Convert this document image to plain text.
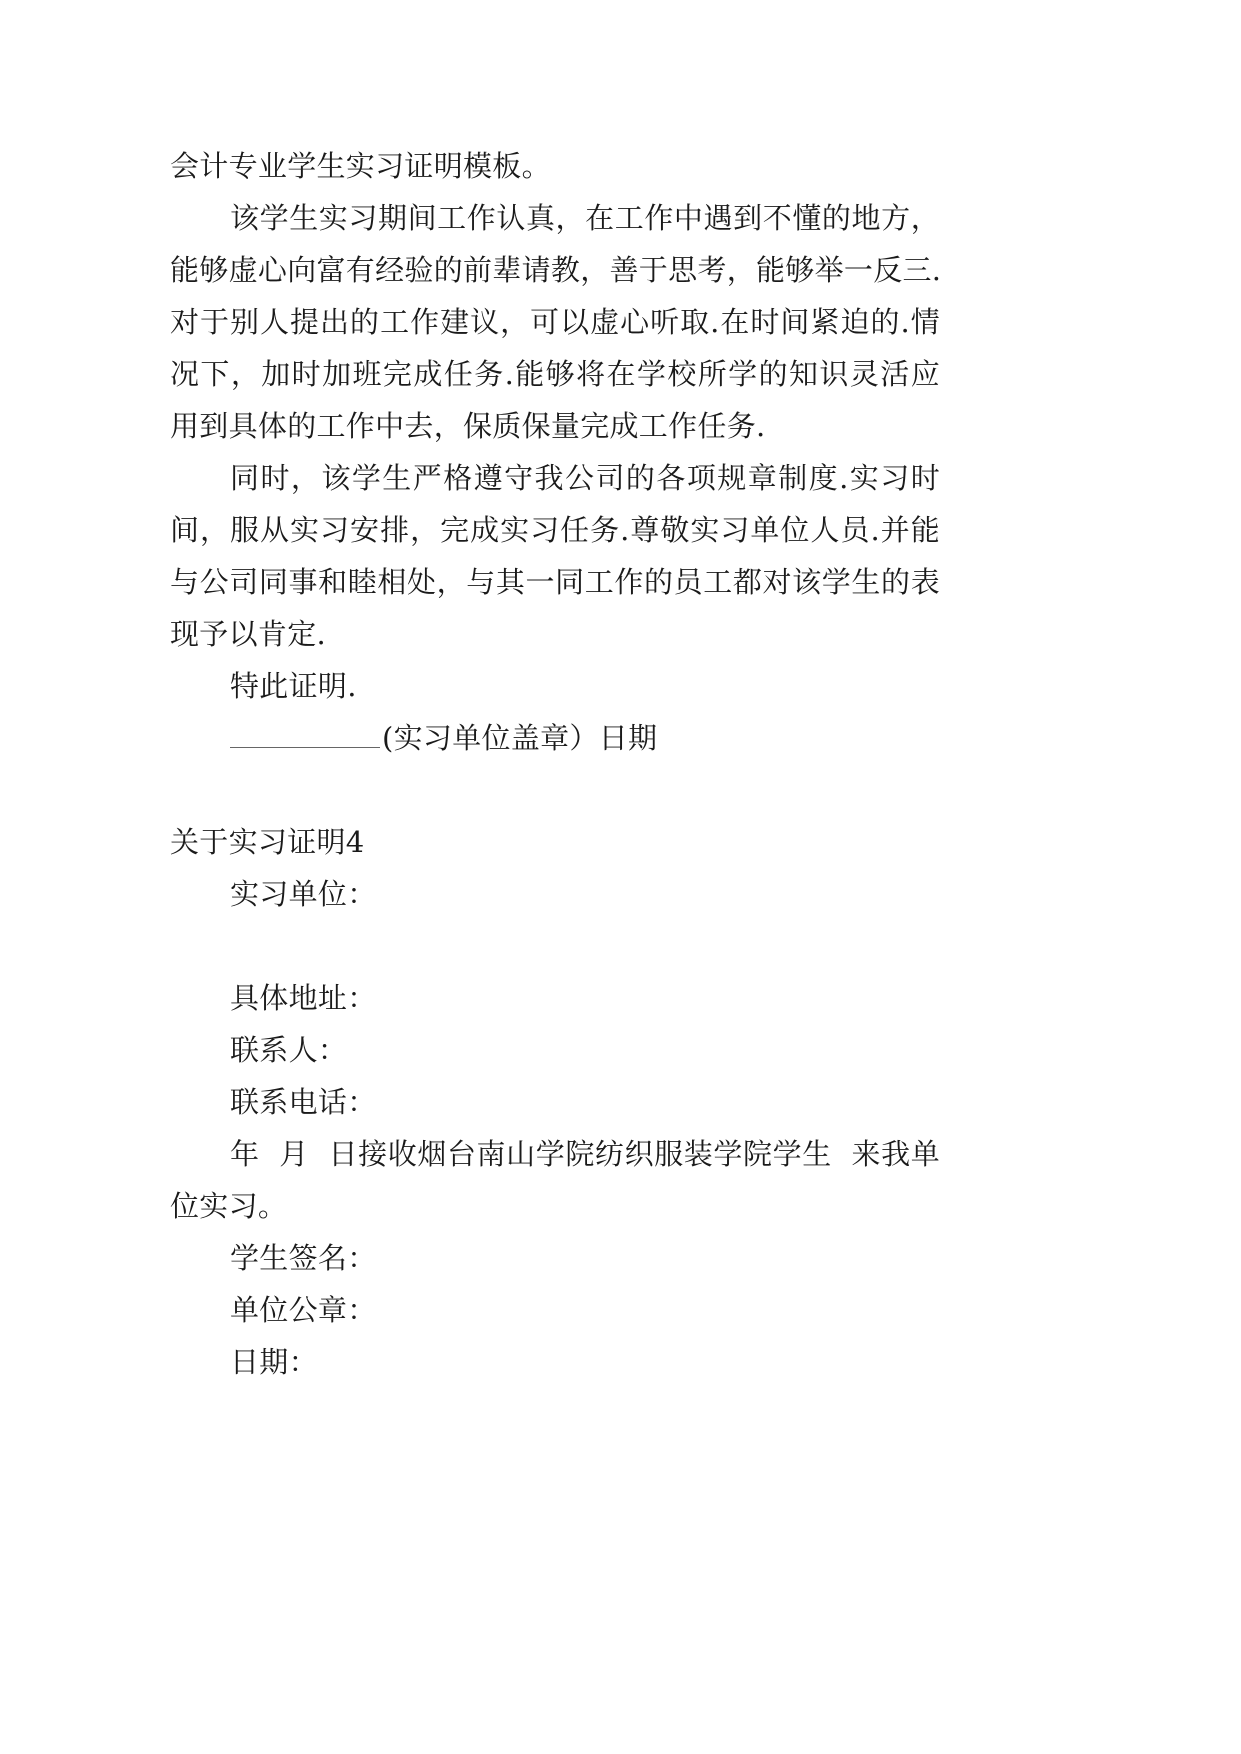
会计专业学生实习证明模板。
该学生实习期间工作认真，在工作中遇到不懂的地方，
能够虚心向富有经验的前辈请教，善于思考，能够举一反三.
对于别人提出的工作建议，可以虚心听取.在时间紧迫的.情
况下，加时加班完成任务.能够将在学校所学的知识灵活应
用到具体的工作中去，保质保量完成工作任务.
同时，该学生严格遵守我公司的各项规章制度.实习时
间，服从实习安排，完成实习任务.尊敬实习单位人员.并能
与公司同事和睦相处，与其一同工作的员工都对该学生的表
现予以肯定.
特此证明.
(实习单位盖章）日期
关于实习证明4
实习单位：
具体地址：
联系人：
联系电话：
年  月  日接收烟台南山学院纺织服装学院学生  来我单
位实习。
学生签名：
单位公章：
日期：
